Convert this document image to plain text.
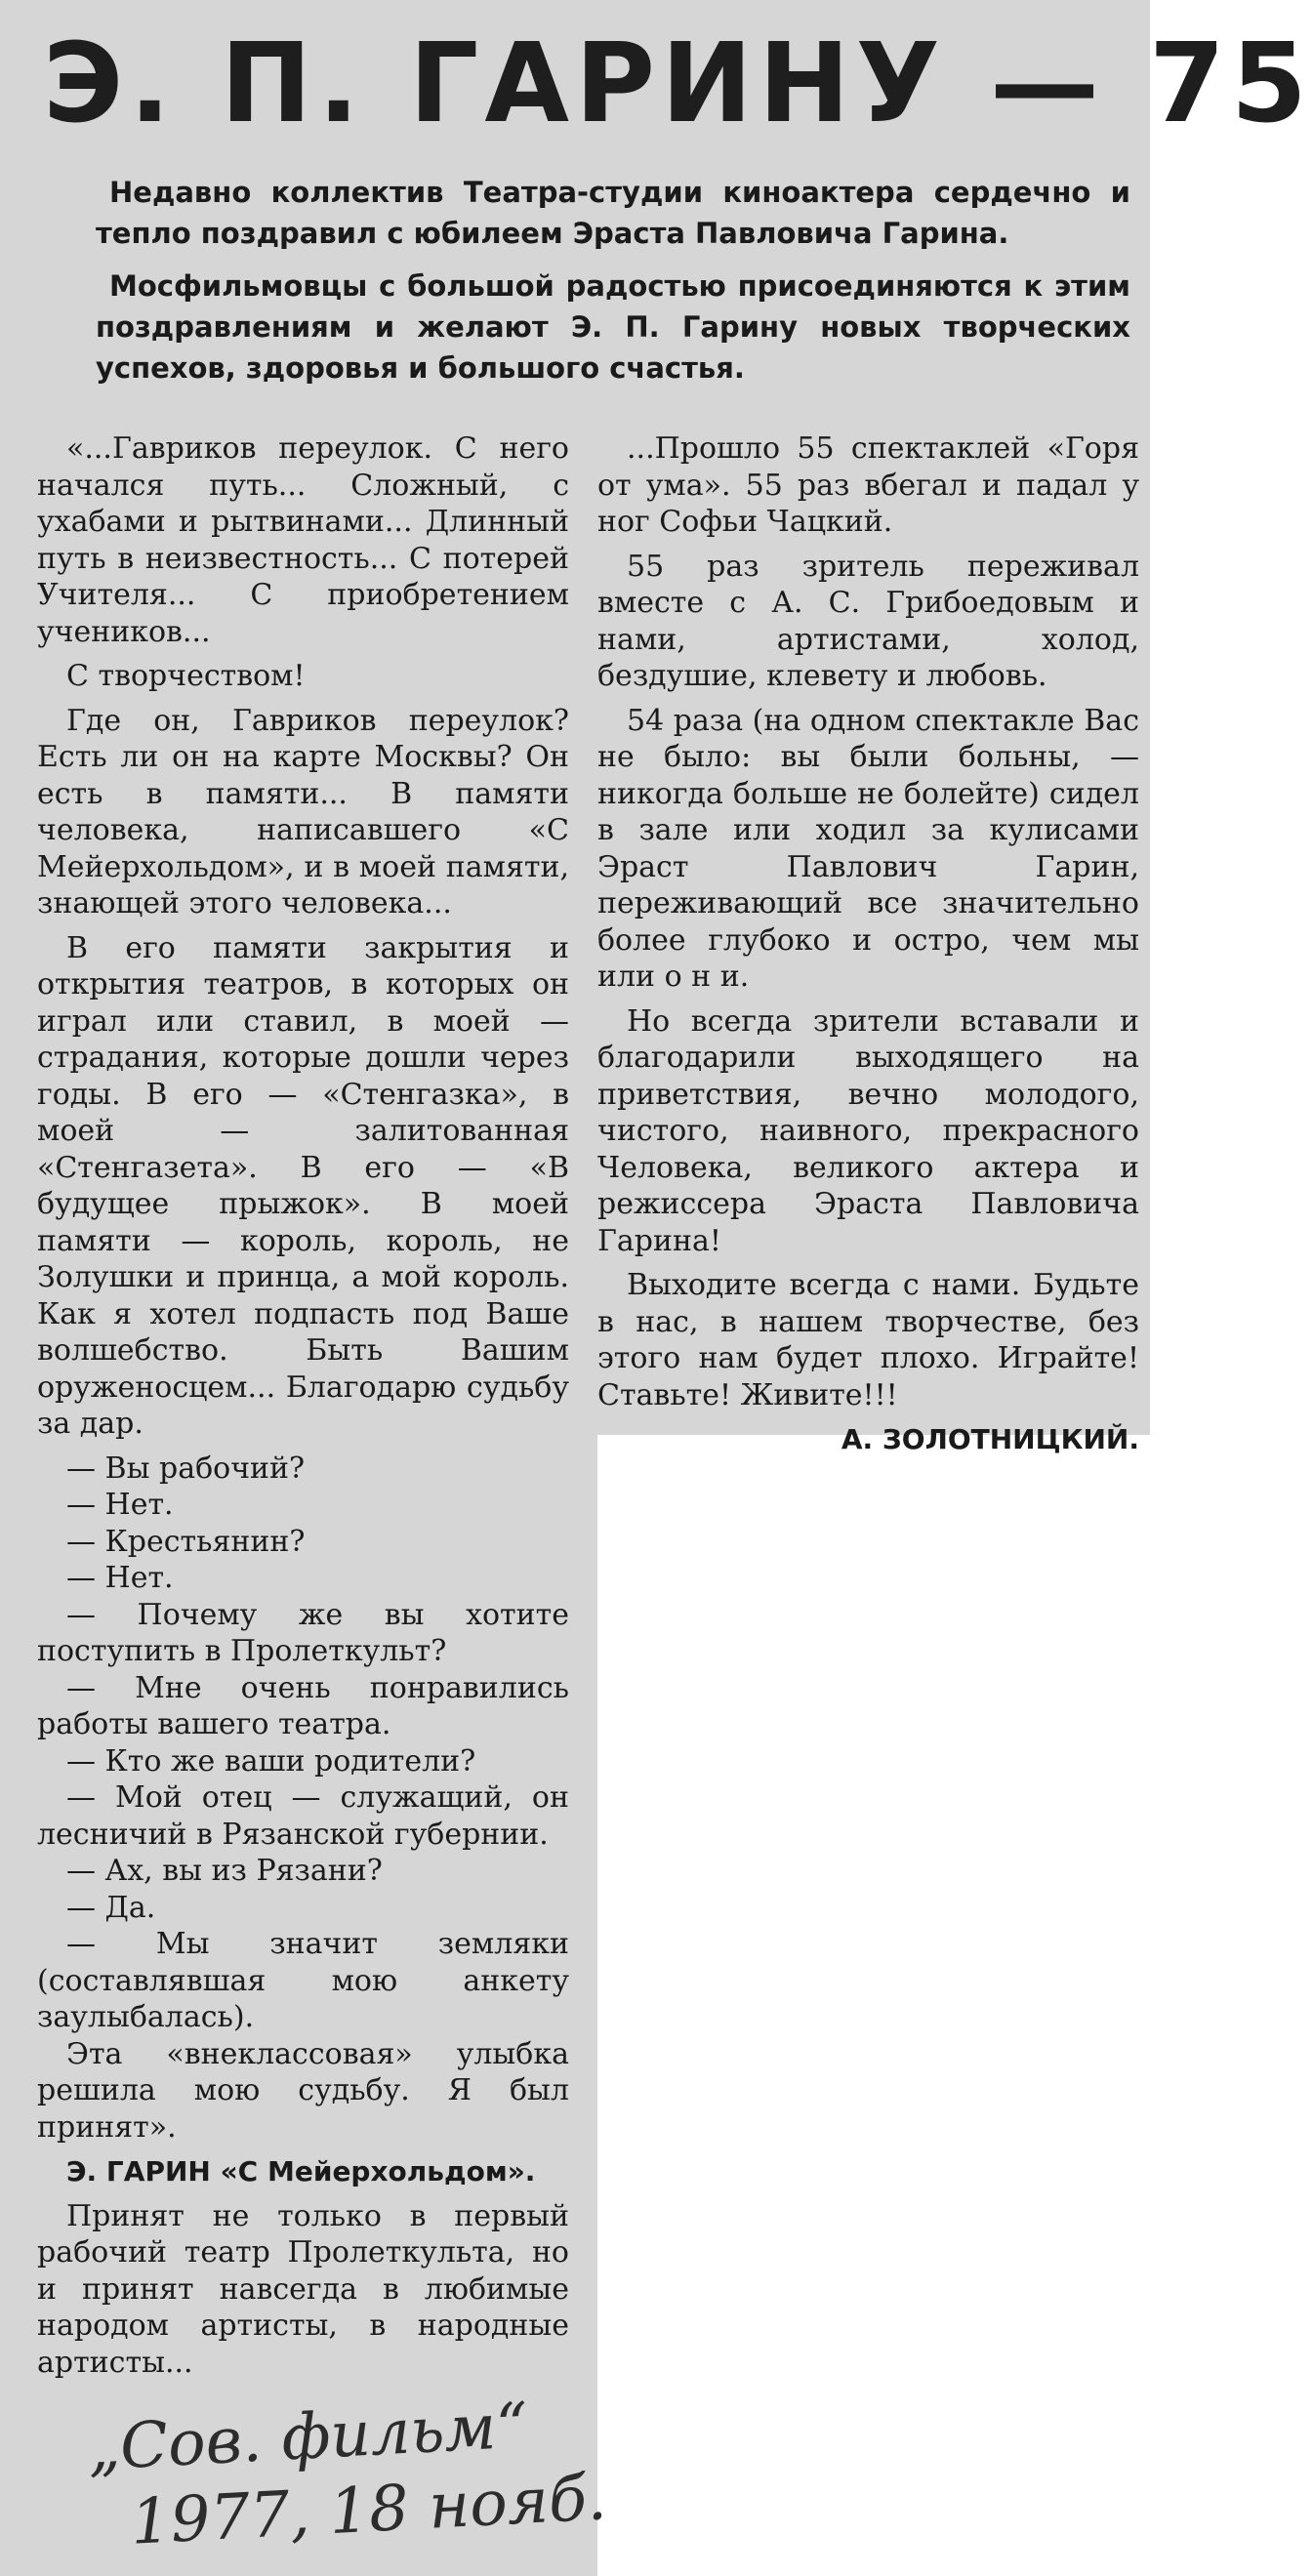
Э. П. ГАРИНУ — 75

Недавно коллектив Театра-студии киноактера сердечно и тепло поздравил с юбилеем Эраста Павловича Гарина.

Мосфильмовцы с большой радостью присоединяются к этим поздравлениям и желают Э. П. Гарину новых творческих успехов, здоровья и большого счастья.

«...Гавриков переулок. С него начался путь... Сложный, с ухабами и рытвинами... Длинный путь в неизвестность... С потерей Учителя... С приобретением учеников...

С творчеством!

Где он, Гавриков переулок? Есть ли он на карте Москвы? Он есть в памяти... В памяти человека, написавшего «С Мейерхольдом», и в моей памяти, знающей этого человека...

В его памяти закрытия и открытия театров, в которых он играл или ставил, в моей — страдания, которые дошли через годы. В его — «Стенгазка», в моей — залитованная «Стенгазета». В его — «В будущее прыжок». В моей памяти — король, король, не Золушки и принца, а мой король. Как я хотел подпасть под Ваше волшебство. Быть Вашим оруженосцем... Благодарю судьбу за дар.

— Вы рабочий?

— Нет.

— Крестьянин?

— Нет.

— Почему же вы хотите поступить в Пролеткульт?

— Мне очень понравились работы вашего театра.

— Кто же ваши родители?

— Мой отец — служащий, он лесничий в Рязанской губернии.

— Ах, вы из Рязани?

— Да.

— Мы значит земляки (составлявшая мою анкету заулыбалась).

Эта «внеклассовая» улыбка решила мою судьбу. Я был принят».

Э. ГАРИН «С Мейерхольдом».

Принят не только в первый рабочий театр Пролеткульта, но и принят навсегда в любимые народом артисты, в народные артисты...

...Прошло 55 спектаклей «Горя от ума». 55 раз вбегал и падал у ног Софьи Чацкий.

55 раз зритель переживал вместе с А. С. Грибоедовым и нами, артистами, холод, бездушие, клевету и любовь.

54 раза (на одном спектакле Вас не было: вы были больны, — никогда больше не болейте) сидел в зале или ходил за кулисами Эраст Павлович Гарин, переживающий все значительно более глубоко и остро, чем мы или о н и.

Но всегда зрители вставали и благодарили выходящего на приветствия, вечно молодого, чистого, наивного, прекрасного Человека, великого актера и режиссера Эраста Павловича Гарина!

Выходите всегда с нами. Будьте в нас, в нашем творчестве, без этого нам будет плохо. Играйте! Ставьте! Живите!!!

А. ЗОЛОТНИЦКИЙ.

„Сов. фильм“
1977, 18 нояб.
